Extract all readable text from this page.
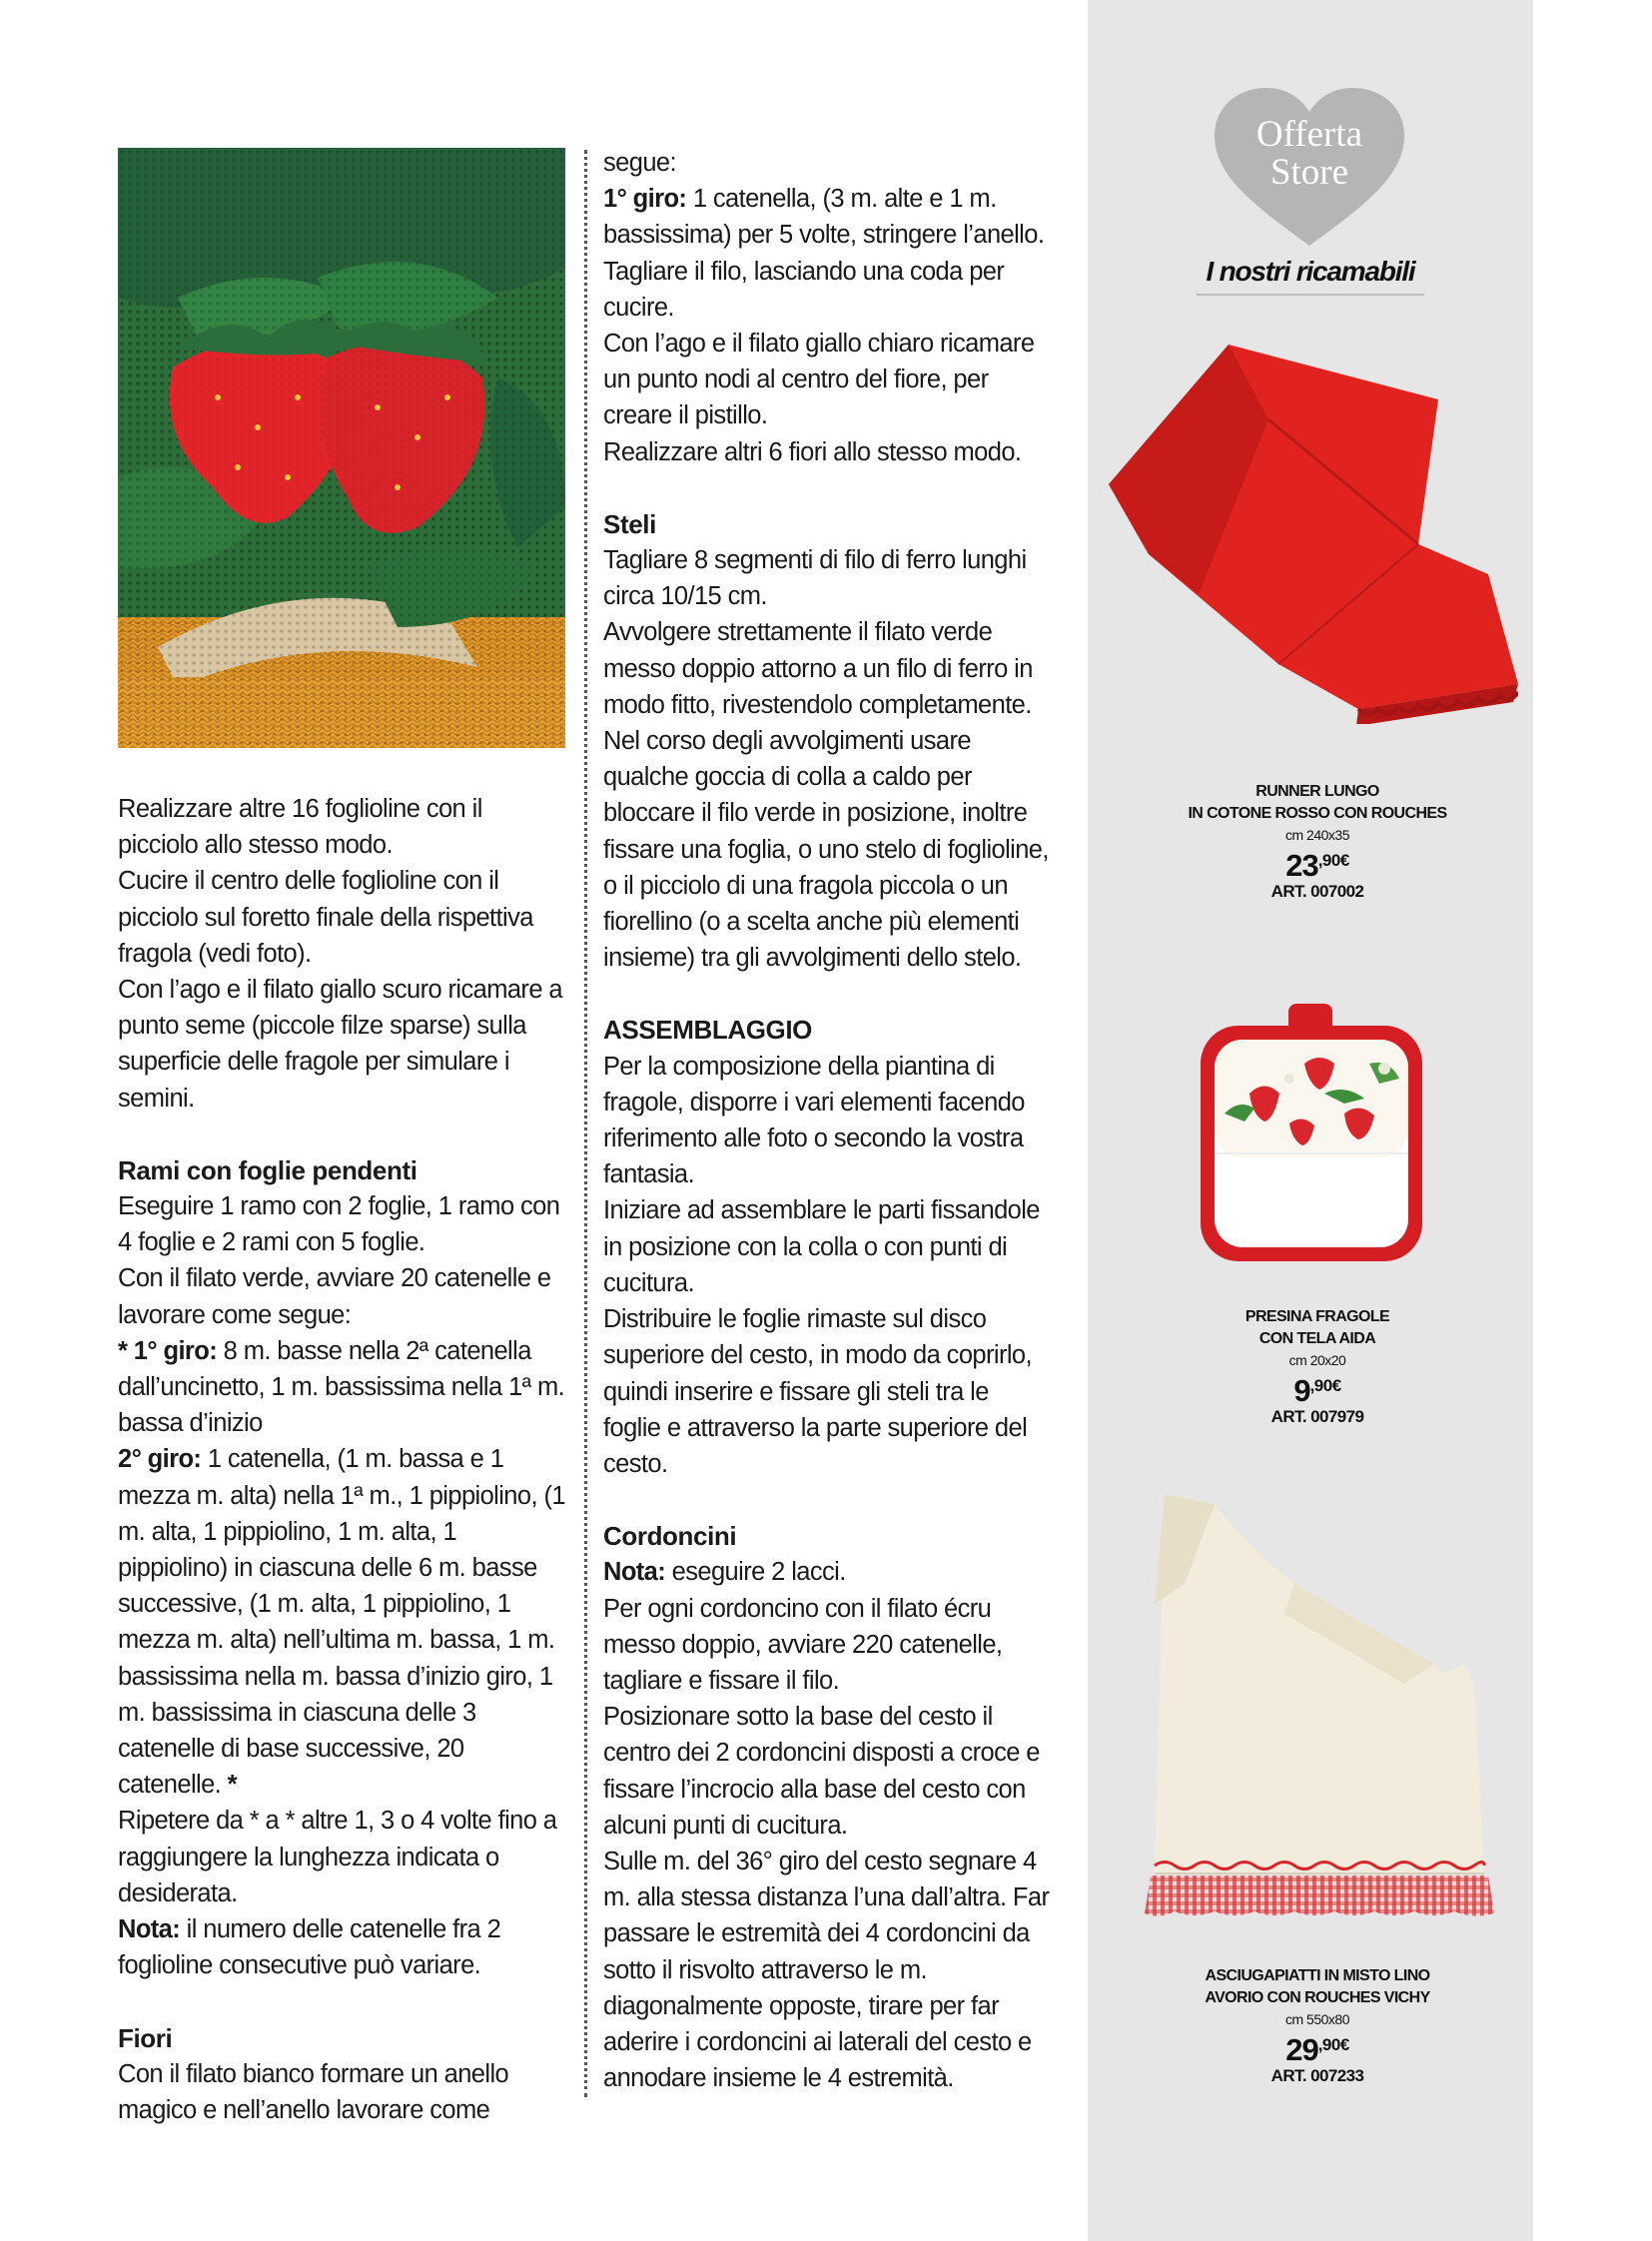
Realizzare altre 16 foglioline con il picciolo allo stesso modo.

Cucire il centro delle foglioline con il picciolo sul foretto finale della rispettiva fragola (vedi foto).

Con l’ago e il filato giallo scuro ricamare a punto seme (piccole filze sparse) sulla superficie delle fragole per simulare i semini.

Rami con foglie pendenti

Eseguire 1 ramo con 2 foglie, 1 ramo con 4 foglie e 2 rami con 5 foglie.

Con il filato verde, avviare 20 catenelle e lavorare come segue:

* 1° giro: 8 m. basse nella 2ª catenella dall’uncinetto, 1 m. bassissima nella 1ª m. bassa d’inizio

2° giro: 1 catenella, (1 m. bassa e 1 mezza m. alta) nella 1ª m., 1 pippiolino, (1 m. alta, 1 pippiolino, 1 m. alta, 1 pippiolino) in ciascuna delle 6 m. basse successive, (1 m. alta, 1 pippiolino, 1 mezza m. alta) nell’ultima m. bassa, 1 m. bassissima nella m. bassa d’inizio giro, 1 m. bassissima in ciascuna delle 3 catenelle di base successive, 20 catenelle. *

Ripetere da * a * altre 1, 3 o 4 volte fino a raggiungere la lunghezza indicata o desiderata.

Nota: il numero delle catenelle fra 2 foglioline consecutive può variare.

Fiori

Con il filato bianco formare un anello magico e nell’anello lavorare come

segue:

1° giro: 1 catenella, (3 m. alte e 1 m. bassissima) per 5 volte, stringere l’anello. Tagliare il filo, lasciando una coda per cucire.

Con l’ago e il filato giallo chiaro ricamare un punto nodi al centro del fiore, per creare il pistillo.

Realizzare altri 6 fiori allo stesso modo.

Steli

Tagliare 8 segmenti di filo di ferro lunghi circa 10/15 cm.

Avvolgere strettamente il filato verde messo doppio attorno a un filo di ferro in modo fitto, rivestendolo completamente. Nel corso degli avvolgimenti usare qualche goccia di colla a caldo per bloccare il filo verde in posizione, inoltre fissare una foglia, o uno stelo di foglioline, o il picciolo di una fragola piccola o un fiorellino (o a scelta anche più elementi insieme) tra gli avvolgimenti dello stelo.

ASSEMBLAGGIO

Per la composizione della piantina di fragole, disporre i vari elementi facendo riferimento alle foto o secondo la vostra fantasia.

Iniziare ad assemblare le parti fissandole in posizione con la colla o con punti di cucitura.

Distribuire le foglie rimaste sul disco superiore del cesto, in modo da coprirlo, quindi inserire e fissare gli steli tra le foglie e attraverso la parte superiore del cesto.

Cordoncini

Nota: eseguire 2 lacci.

Per ogni cordoncino con il filato écru messo doppio, avviare 220 catenelle, tagliare e fissare il filo.

Posizionare sotto la base del cesto il centro dei 2 cordoncini disposti a croce e fissare l’incrocio alla base del cesto con alcuni punti di cucitura.

Sulle m. del 36° giro del cesto segnare 4 m. alla stessa distanza l’una dall’altra. Far passare le estremità dei 4 cordoncini da sotto il risvolto attraverso le m. diagonalmente opposte, tirare per far aderire i cordoncini ai laterali del cesto e annodare insieme le 4 estremità.

Offerta
Store
I nostri ricamabili
RUNNER LUNGO
IN COTONE ROSSO CON ROUCHES
cm 240x35
$23^{,90€}$
ART. 007002
PRESINA FRAGOLE
CON TELA AIDA
cm 20x20
$9^{,90€}$
ART. 007979
ASCIUGAPIATTI IN MISTO LINO
AVORIO CON ROUCHES VICHY
cm 550x80
$29^{,90€}$
ART. 007233
